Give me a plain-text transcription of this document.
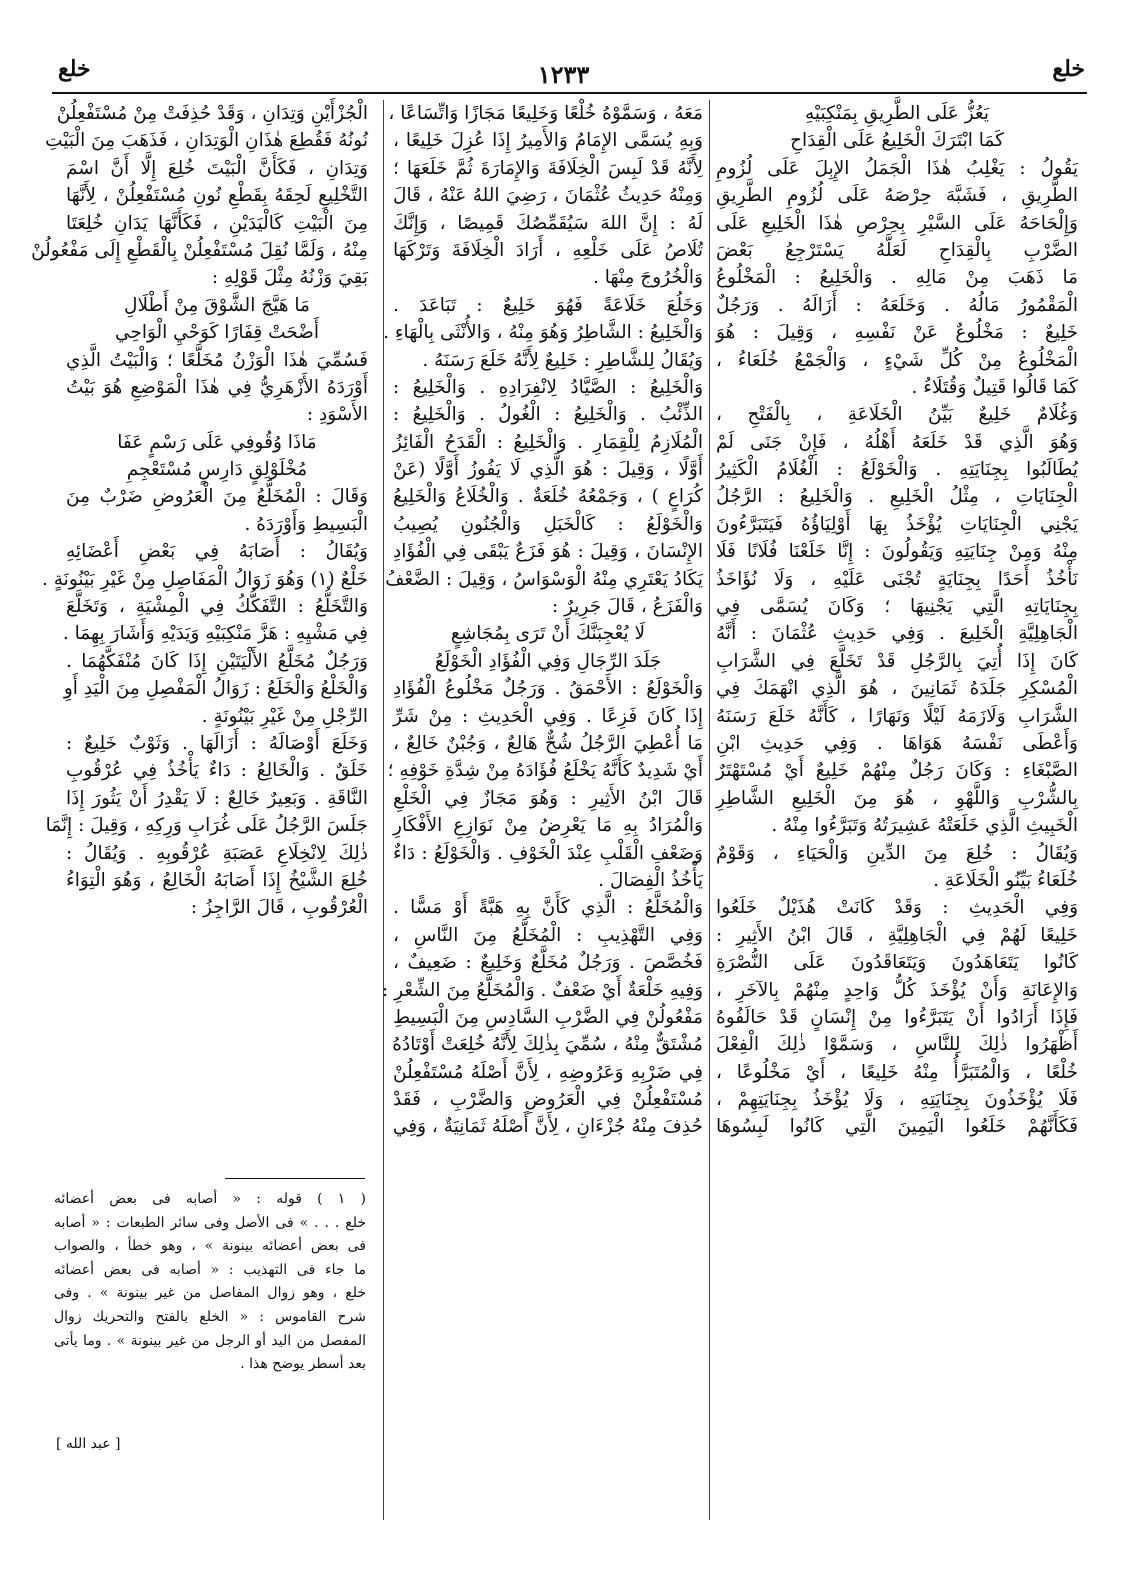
خلع	١٢٣٣	خلع
يَعُزُّ عَلَى الطَّرِيقِ بِمَنْكِبَيْهِ
كَمَا ابْتَرَكَ الْخَلِيعُ عَلَى الْقِدَاحِ
يَقُولُ : يَغْلِبُ هٰذَا الْجَمَلُ الإِبِلَ عَلَى لُزُومِ
الطَّرِيقِ ، فَشَبَّهَ حِرْصَهُ عَلَى لُزُومِ الطَّرِيقِ
وَإِلْحَاحَهُ عَلَى السَّيْرِ بِحِرْصِ هٰذَا الْخَلِيعِ عَلَى
الضَّرْبِ بِالْقِدَاحِ لَعَلَّهُ يَسْتَرْجِعُ بَعْضَ
مَا ذَهَبَ مِنْ مَالِهِ . وَالْخَلِيعُ : الْمَخْلُوعُ
الْمَقْمُورُ مَالُهُ . وَخَلَعَهُ : أَزَالَهُ . وَرَجُلٌ
خَلِيعٌ : مَخْلُوعٌ عَنْ نَفْسِهِ ، وَقِيلَ : هُوَ
الْمَخْلُوعُ مِنْ كُلِّ شَيْءٍ ، وَالْجَمْعُ خُلَعَاءُ ،
كَمَا قَالُوا قَتِيلٌ وَقُتَلَاءُ .
وَغُلَامٌ خَلِيعٌ بَيِّنُ الْخَلَاعَةِ ، بِالْفَتْحِ ،
وَهُوَ الَّذِي قَدْ خَلَعَهُ أَهْلُهُ ، فَإِنْ جَنَى لَمْ
يُطَالَبُوا بِجِنَايَتِهِ . وَالْخَوْلَعُ : الْغُلَامُ الْكَثِيرُ
الْجِنَايَاتِ ، مِثْلُ الْخَلِيعِ . وَالْخَلِيعُ : الرَّجُلُ
يَجْنِي الْجِنَايَاتِ يُؤْخَذُ بِهَا أَوْلِيَاؤُهُ فَيَتَبَرَّءُونَ
مِنْهُ وَمِنْ جِنَايَتِهِ وَيَقُولُونَ : إِنَّا خَلَعْنَا فُلَانًا فَلَا
نَأْخُذُ أَحَدًا بِجِنَايَةٍ تُجْنَى عَلَيْهِ ، وَلَا نُؤَاخَذُ
بِجِنَايَاتِهِ الَّتِي يَجْنِيهَا ؛ وَكَانَ يُسَمَّى فِي
الْجَاهِلِيَّةِ الْخَلِيعَ . وَفِي حَدِيثِ عُثْمَانَ : أَنَّهُ
كَانَ إِذَا أُتِيَ بِالرَّجُلِ قَدْ تَخَلَّعَ فِي الشَّرَابِ
الْمُسْكِرِ جَلَدَهُ ثَمَانِينَ ، هُوَ الَّذِي انْهَمَكَ فِي
الشَّرَابِ وَلَازَمَهُ لَيْلًا وَنَهَارًا ، كَأَنَّهُ خَلَعَ رَسَنَهُ
وَأَعْطَى نَفْسَهُ هَوَاهَا . وَفِي حَدِيثِ ابْنِ
الصَّبْغَاءِ : وَكَانَ رَجُلٌ مِنْهُمْ خَلِيعٌ أَيْ مُسْتَهْتَرٌ
بِالشُّرْبِ وَاللَّهْوِ ، هُوَ مِنَ الْخَلِيعِ الشَّاطِرِ
الْخَبِيثِ الَّذِي خَلَعَتْهُ عَشِيرَتُهُ وَتَبَرَّءُوا مِنْهُ .
وَيُقَالُ : خُلِعَ مِنَ الدِّينِ وَالْحَيَاءِ ، وَقَوْمٌ
خُلَعَاءُ بَيِّنُو الْخَلَاعَةِ .
وَفِي الْحَدِيثِ : وَقَدْ كَانَتْ هُذَيْلٌ خَلَعُوا
خَلِيعًا لَهُمْ فِي الْجَاهِلِيَّةِ ، قَالَ ابْنُ الأَثِيرِ :
كَانُوا يَتَعَاهَدُونَ وَيَتَعَاقَدُونَ عَلَى النُّصْرَةِ
وَالإِعَانَةِ وَأَنْ يُؤْخَذَ كُلُّ وَاحِدٍ مِنْهُمْ بِالآخَرِ ،
فَإِذَا أَرَادُوا أَنْ يَتَبَرَّءُوا مِنْ إِنْسَانٍ قَدْ حَالَفُوهُ
أَظْهَرُوا ذٰلِكَ لِلنَّاسِ ، وَسَمَّوْا ذٰلِكَ الْفِعْلَ
خُلْعًا ، وَالْمُتَبَرَّأُ مِنْهُ خَلِيعًا ، أَيْ مَخْلُوعًا ،
فَلَا يُؤْخَذُونَ بِجِنَايَتِهِ ، وَلَا يُؤْخَذُ بِجِنَايَتِهِمْ ،
فَكَأَنَّهُمْ خَلَعُوا الْيَمِينَ الَّتِي كَانُوا لَبِسُوهَا
مَعَهُ ، وَسَمَّوْهُ خُلْعًا وَخَلِيعًا مَجَازًا وَاتِّسَاعًا ،
وَبِهِ يُسَمَّى الإِمَامُ وَالأَمِيرُ إِذَا عُزِلَ خَلِيعًا ،
لِأَنَّهُ قَدْ لَبِسَ الْخِلَافَةَ وَالإِمَارَةَ ثُمَّ خَلَعَهَا ؛
وَمِنْهُ حَدِيثُ عُثْمَانَ ، رَضِيَ اللهُ عَنْهُ ، قَالَ
لَهُ : إِنَّ اللهَ سَيُقَمِّصُكَ قَمِيصًا ، وَإِنَّكَ
تُلَاصُ عَلَى خَلْعِهِ ، أَرَادَ الْخِلَافَةَ وَتَرْكَهَا
وَالْخُرُوجَ مِنْهَا .
وَخَلُعَ خَلَاعَةً فَهُوَ خَلِيعٌ : تَبَاعَدَ .
وَالْخَلِيعُ : الشَّاطِرُ وَهُوَ مِنْهُ ، وَالأُنْثَى بِالْهَاءِ .
وَيُقَالُ لِلشَّاطِرِ : خَلِيعٌ لِأَنَّهُ خَلَعَ رَسَنَهُ .
وَالْخَلِيعُ : الصَّيَّادُ لِانْفِرَادِهِ . وَالْخَلِيعُ :
الذِّئْبُ . وَالْخَلِيعُ : الْغُولُ . وَالْخَلِيعُ :
الْمُلَازِمُ لِلْقِمَارِ . وَالْخَلِيعُ : الْقَدَحُ الْفَائِزُ
أَوَّلًا ، وَقِيلَ : هُوَ الَّذِي لَا يَفُوزُ أَوَّلًا (عَنْ
كُرَاعٍ ) ، وَجَمْعُهُ خُلَعَةٌ . وَالْخُلَاعُ وَالْخَلِيعُ
وَالْخَوْلَعُ : كَالْخَبَلِ وَالْجُنُونِ يُصِيبُ
الإِنْسَانَ ، وَقِيلَ : هُوَ فَزَعٌ يَبْقَى فِي الْفُؤَادِ
يَكَادُ يَعْتَرِي مِنْهُ الْوَسْوَاسُ ، وَقِيلَ : الضَّعْفُ
وَالْفَزَعُ ، قَالَ جَرِيرٌ :
لَا يُعْجِبَنَّكَ أَنْ تَرَى بِمُجَاشِعٍ
جَلَدَ الرِّجَالِ وَفِي الْفُؤَادِ الْخَوْلَعُ
وَالْخَوْلَعُ : الأَحْمَقُ . وَرَجُلٌ مَخْلُوعُ الْفُؤَادِ
إِذَا كَانَ فَزِعًا . وَفِي الْحَدِيثِ : مِنْ شَرِّ
مَا أُعْطِيَ الرَّجُلُ شُحٌّ هَالِعٌ ، وَجُبْنٌ خَالِعٌ ،
أَيْ شَدِيدٌ كَأَنَّهُ يَخْلَعُ فُؤَادَهُ مِنْ شِدَّةِ خَوْفِهِ ؛
قَالَ ابْنُ الأَثِيرِ : وَهُوَ مَجَازٌ فِي الْخَلْعِ
وَالْمُرَادُ بِهِ مَا يَعْرِضُ مِنْ نَوَازِعِ الأَفْكَارِ
وَضَعْفِ الْقَلْبِ عِنْدَ الْخَوْفِ . وَالْخَوْلَعُ : دَاءٌ
يَأْخُذُ الْفِصَالَ .
وَالْمُخَلَّعُ : الَّذِي كَأَنَّ بِهِ هَبَّةً أَوْ مَسًّا .
وَفِي التَّهْذِيبِ : الْمُخَلَّعُ مِنَ النَّاسِ ،
فَخُصَّصَ . وَرَجُلٌ مُخَلَّعٌ وَخَلِيعٌ : ضَعِيفٌ ،
وَفِيهِ خَلْعَةٌ أَيْ ضَعْفٌ . وَالْمُخَلَّعُ مِنَ الشِّعْرِ :
مَفْعُولُنْ فِي الضَّرْبِ السَّادِسِ مِنَ الْبَسِيطِ
مُشْتَقٌّ مِنْهُ ، سُمِّيَ بِذٰلِكَ لِأَنَّهُ خُلِعَتْ أَوْتَادُهُ
فِي ضَرْبِهِ وَعَرُوضِهِ ، لِأَنَّ أَصْلَهُ مُسْتَفْعِلُنْ
مُسْتَفْعِلُنْ فِي الْعَرُوضِ وَالضَّرْبِ ، فَقَدْ
حُذِفَ مِنْهُ جُزْءَانِ ، لِأَنَّ أَصْلَهُ ثَمَانِيَةٌ ، وَفِي
الْجُزْأَيْنِ وَتِدَانِ ، وَقَدْ حُذِفَتْ مِنْ مُسْتَفْعِلُنْ
نُونُهُ فَقُطِعَ هٰذَانِ الْوَتِدَانِ ، فَذَهَبَ مِنَ الْبَيْتِ
وَتِدَانِ ، فَكَأَنَّ الْبَيْتَ خُلِعَ إِلَّا أَنَّ اسْمَ
التَّخْلِيعِ لَحِقَهُ بِقَطْعِ نُونِ مُسْتَفْعِلُنْ ، لِأَنَّهَا
مِنَ الْبَيْتِ كَالْيَدَيْنِ ، فَكَأَنَّهَا يَدَانِ خُلِعَتَا
مِنْهُ ، وَلَمَّا نُقِلَ مُسْتَفْعِلُنْ بِالْقَطْعِ إِلَى مَفْعُولُنْ
بَقِيَ وَزْنُهُ مِثْلَ قَوْلِهِ :
مَا هَيَّجَ الشَّوْقَ مِنْ أَطْلَالِ
أَضْحَتْ قِفَارًا كَوَحْيِ الْوَاحِي
فَسُمِّيَ هٰذَا الْوَزْنُ مُخَلَّعًا ؛ وَالْبَيْتُ الَّذِي
أَوْرَدَهُ الأَزْهَرِيُّ فِي هٰذَا الْمَوْضِعِ هُوَ بَيْتُ
الأَسْوَدِ :
مَاذَا وُقُوفِي عَلَى رَسْمٍ عَفَا
مُخْلَوْلِقٍ دَارِسٍ مُسْتَعْجِمِ
وَقَالَ : الْمُخَلَّعُ مِنَ الْعَرُوضِ ضَرْبٌ مِنَ
الْبَسِيطِ وَأَوْرَدَهُ .
وَيُقَالُ : أَصَابَهُ فِي بَعْضِ أَعْضَائِهِ
خَلْعٌ (١) وَهُوَ زَوَالُ الْمَفَاصِلِ مِنْ غَيْرِ بَيْنُونَةٍ .
وَالتَّخَلُّعُ : التَّفَكُّكُ فِي الْمِشْيَةِ ، وَتَخَلَّعَ
فِي مَشْيِهِ : هَزَّ مَنْكِبَيْهِ وَيَدَيْهِ وَأَشَارَ بِهِمَا .
وَرَجُلٌ مُخَلَّعُ الأَلْيَتَيْنِ إِذَا كَانَ مُنْفَكَّهُمَا .
وَالْخَلْعُ وَالْخَلَعُ : زَوَالُ الْمَفْصِلِ مِنَ الْيَدِ أَوِ
الرِّجْلِ مِنْ غَيْرِ بَيْنُونَةٍ .
وَخَلَعَ أَوْصَالَهُ : أَزَالَهَا . وَثَوْبٌ خَلِيعٌ :
خَلَقٌ . وَالْخَالِعُ : دَاءٌ يَأْخُذُ فِي عُرْقُوبِ
النَّاقَةِ . وَبَعِيرٌ خَالِعٌ : لَا يَقْدِرُ أَنْ يَثُورَ إِذَا
جَلَسَ الرَّجُلُ عَلَى غُرَابِ وَرِكِهِ ، وَقِيلَ : إِنَّمَا
ذٰلِكَ لِانْخِلَاعِ عَصَبَةِ عُرْقُوبِهِ . وَيُقَالُ :
خُلِعَ الشَّيْخُ إِذَا أَصَابَهُ الْخَالِعُ ، وَهُوَ الْتِوَاءُ
الْعُرْقُوبِ ، قَالَ الرَّاجِزُ :
( ١ ) قوله : « أصابه فى بعض أعضائه
خلع . . . » فى الأصل وفى سائر الطبعات : « أصابه
فى بعض أعضائه بينونة » ، وهو خطأ ، والصواب
ما جاء فى التهذيب : « أصابه فى بعض أعضائه
خلع ، وهو زوال المفاصل من غير بينونة » . وفى
شرح القاموس : « الخلع بالفتح والتحريك زوال
المفصل من اليد أو الرجل من غير بينونة » . وما يأتى
بعد أسطر يوضح هذا .
[ عبد الله ]
